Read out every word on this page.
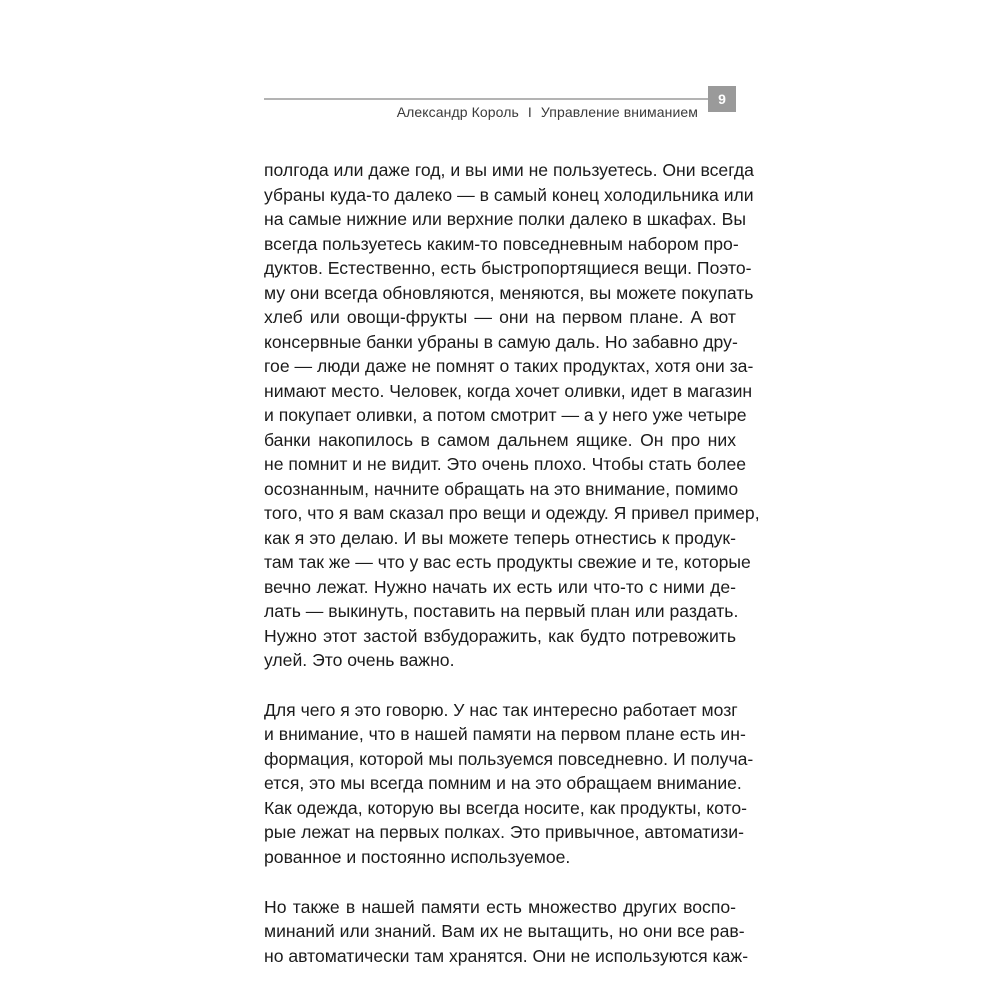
9
Александр Король I Управление вниманием
полгода или даже год, и вы ими не пользуетесь. Они всегда
убраны куда-то далеко — в самый конец холодильника или
на самые нижние или верхние полки далеко в шкафах. Вы
всегда пользуетесь каким-то повседневным набором про-
дуктов. Естественно, есть быстропортящиеся вещи. Поэто-
му они всегда обновляются, меняются, вы можете покупать
хлеб или овощи-фрукты — они на первом плане. А вот
консервные банки убраны в самую даль. Но забавно дру-
гое — люди даже не помнят о таких продуктах, хотя они за-
нимают место. Человек, когда хочет оливки, идет в магазин
и покупает оливки, а потом смотрит — а у него уже четыре
банки накопилось в самом дальнем ящике. Он про них
не помнит и не видит. Это очень плохо. Чтобы стать более
осознанным, начните обращать на это внимание, помимо
того, что я вам сказал про вещи и одежду. Я привел пример,
как я это делаю. И вы можете теперь отнестись к продук-
там так же — что у вас есть продукты свежие и те, которые
вечно лежат. Нужно начать их есть или что-то с ними де-
лать — выкинуть, поставить на первый план или раздать.
Нужно этот застой взбудоражить, как будто потревожить
улей. Это очень важно.
Для чего я это говорю. У нас так интересно работает мозг
и внимание, что в нашей памяти на первом плане есть ин-
формация, которой мы пользуемся повседневно. И получа-
ется, это мы всегда помним и на это обращаем внимание.
Как одежда, которую вы всегда носите, как продукты, кото-
рые лежат на первых полках. Это привычное, автоматизи-
рованное и постоянно используемое.
Но также в нашей памяти есть множество других воспо-
минаний или знаний. Вам их не вытащить, но они все рав-
но автоматически там хранятся. Они не используются каж-
